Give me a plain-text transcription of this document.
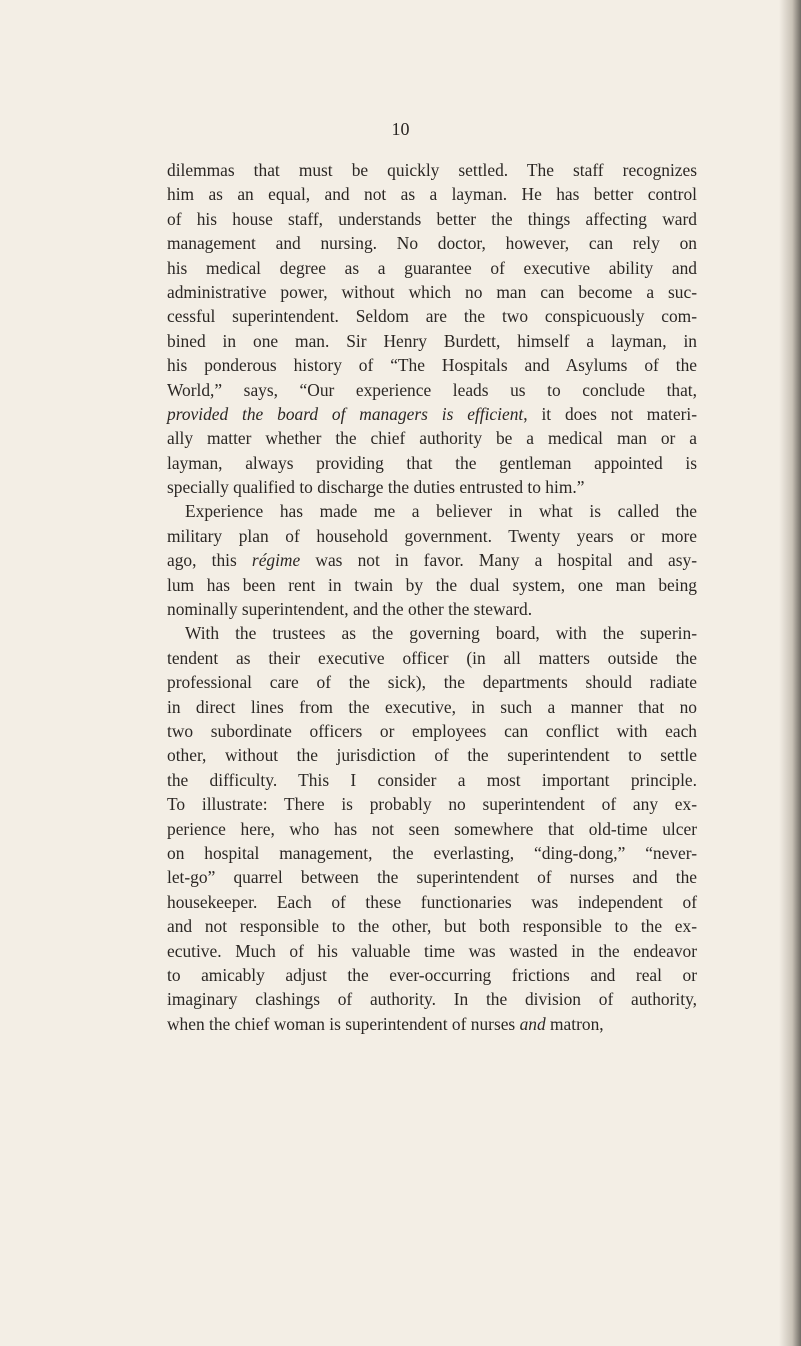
10
dilemmas that must be quickly settled. The staff recognizes
him as an equal, and not as a layman. He has better control
of his house staff, understands better the things affecting ward
management and nursing. No doctor, however, can rely on
his medical degree as a guarantee of executive ability and
administrative power, without which no man can become a suc-
cessful superintendent. Seldom are the two conspicuously com-
bined in one man. Sir Henry Burdett, himself a layman, in
his ponderous history of “The Hospitals and Asylums of the
World,” says, “Our experience leads us to conclude that,
provided the board of managers is efficient, it does not materi-
ally matter whether the chief authority be a medical man or a
layman, always providing that the gentleman appointed is
specially qualified to discharge the duties entrusted to him.”
Experience has made me a believer in what is called the
military plan of household government. Twenty years or more
ago, this régime was not in favor. Many a hospital and asy-
lum has been rent in twain by the dual system, one man being
nominally superintendent, and the other the steward.
With the trustees as the governing board, with the superin-
tendent as their executive officer (in all matters outside the
professional care of the sick), the departments should radiate
in direct lines from the executive, in such a manner that no
two subordinate officers or employees can conflict with each
other, without the jurisdiction of the superintendent to settle
the difficulty. This I consider a most important principle.
To illustrate: There is probably no superintendent of any ex-
perience here, who has not seen somewhere that old-time ulcer
on hospital management, the everlasting, “ding-dong,” “never-
let-go” quarrel between the superintendent of nurses and the
housekeeper. Each of these functionaries was independent of
and not responsible to the other, but both responsible to the ex-
ecutive. Much of his valuable time was wasted in the endeavor
to amicably adjust the ever-occurring frictions and real or
imaginary clashings of authority. In the division of authority,
when the chief woman is superintendent of nurses and matron,
